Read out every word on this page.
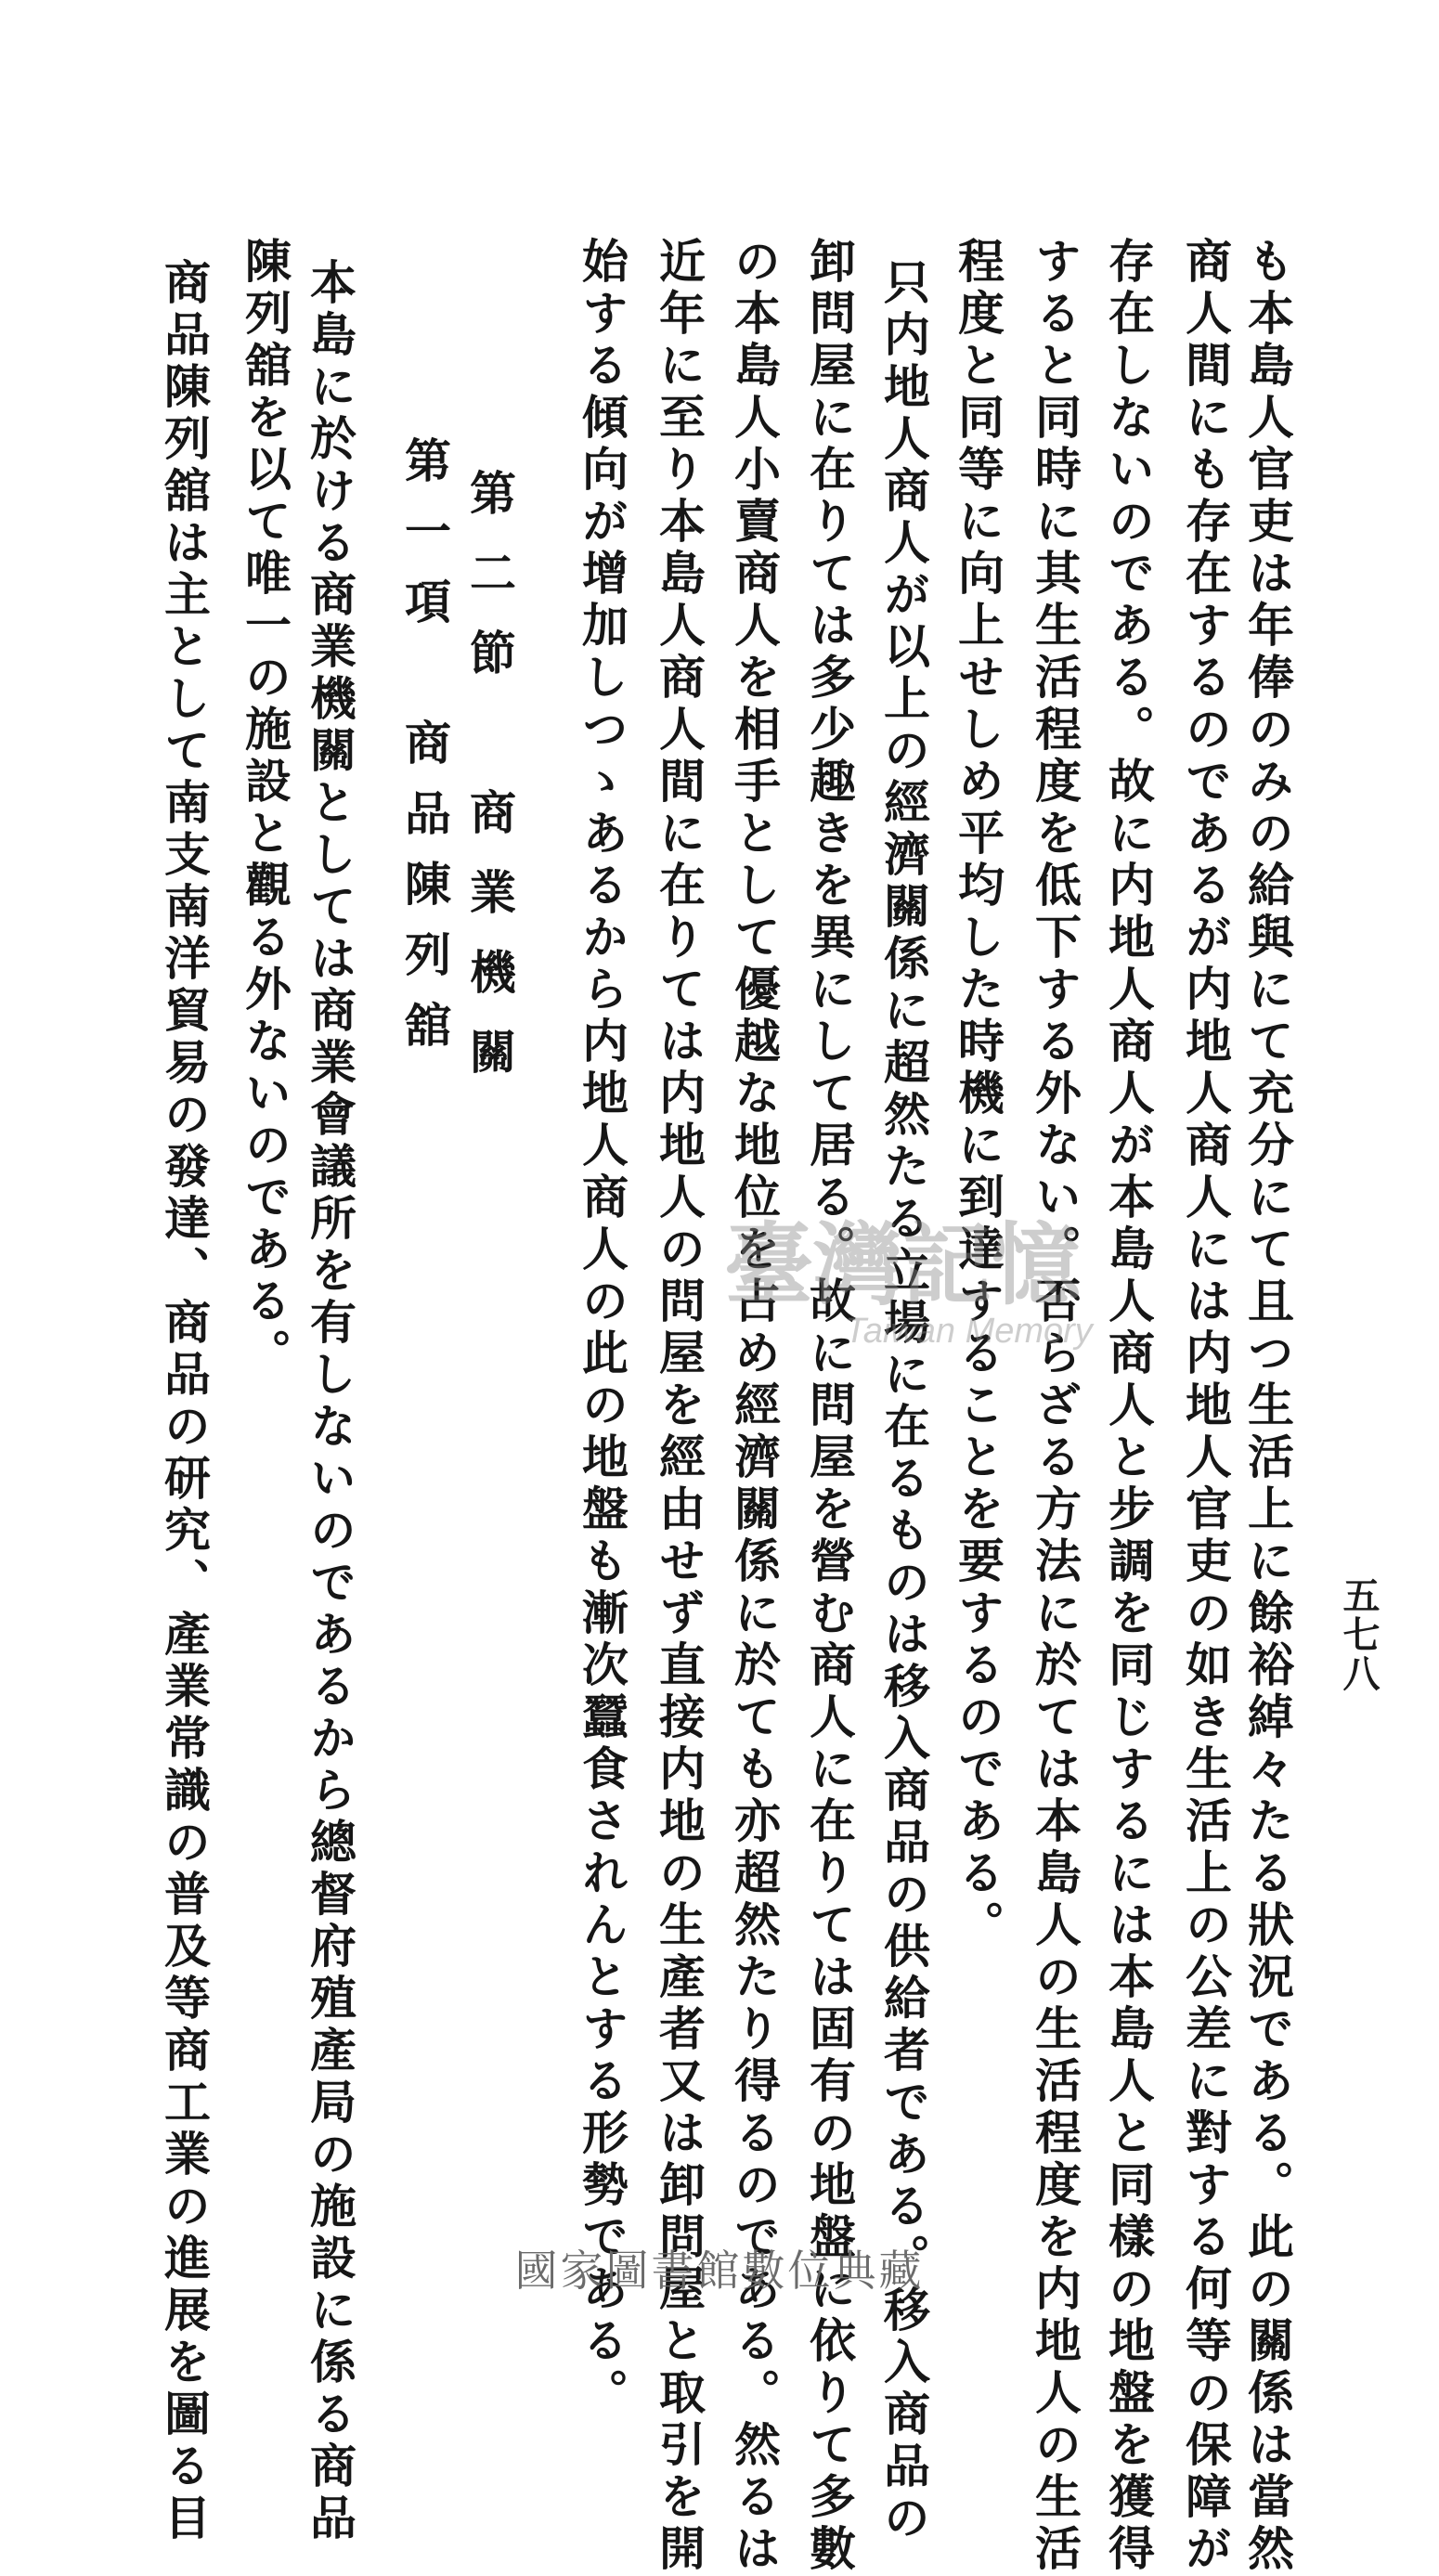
五七八
も本島人官吏は年俸のみの給與にて充分にて且つ生活上に餘裕綽々たる狀況である。此の關係は當然
商人間にも存在するのであるが内地人商人には内地人官吏の如き生活上の公差に對する何等の保障が
存在しないのである。故に内地人商人が本島人商人と步調を同じするには本島人と同樣の地盤を獲得
すると同時に其生活程度を低下する外ない。否らざる方法に於ては本島人の生活程度を内地人の生活
程度と同等に向上せしめ平均した時機に到達することを要するのである。
只内地人商人が以上の經濟關係に超然たる立場に在るものは移入商品の供給者である。移入商品の
卸問屋に在りては多少趣きを異にして居る。故に問屋を營む商人に在りては固有の地盤に依りて多數
の本島人小賣商人を相手として優越な地位を占め經濟關係に於ても亦超然たり得るのである。然るは
近年に至り本島人商人間に在りては内地人の問屋を經由せず直接内地の生產者又は卸問屋と取引を開
始する傾向が增加しつゝあるから内地人商人の此の地盤も漸次蠶食されんとする形勢である。
第二節　商業機關
第一項　商品陳列舘
本島に於ける商業機關としては商業會議所を有しないのであるから總督府殖產局の施設に係る商品
陳列舘を以て唯一の施設と觀る外ないのである。
商品陳列舘は主として南支南洋貿易の發達、商品の研究、產業常識の普及等商工業の進展を圖る目	臺灣記憶
Taiwan Memory
國家圖書館數位典藏
